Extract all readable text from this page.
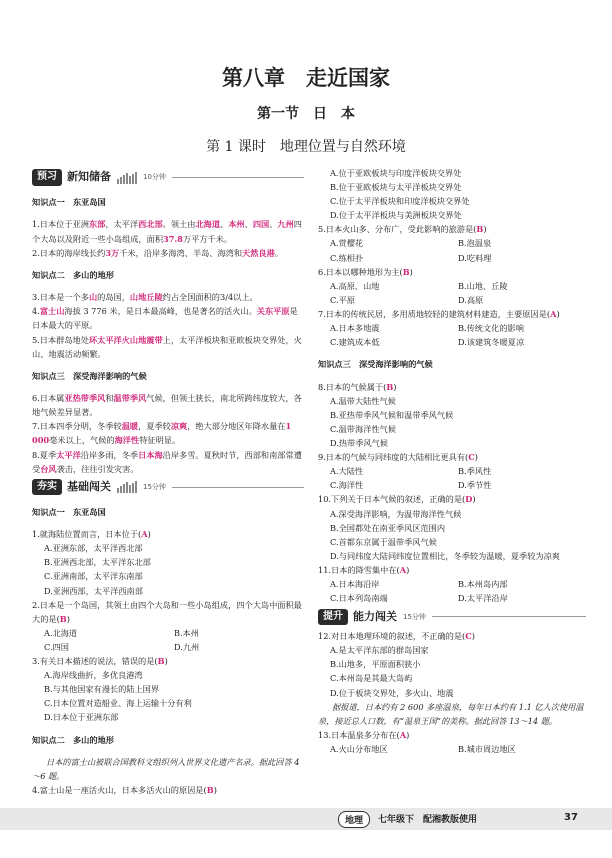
第八章　走近国家
第一节　日　本
第 1 课时　地理位置与自然环境
预习 新知储备	10分钟

知识点一　东亚岛国

1.日本位于亚洲东部，太平洋西北部。领土由北海道、本州、四国、九州四个大岛以及附近一些小岛组成，面积37.8万平方千米。

2.日本的海岸线长约3万千米，沿岸多海湾、半岛、海湾和天然良港。

知识点二　多山的地形

3.日本是一个多山的岛国，山地丘陵约占全国面积的3/4以上。

4.富士山海拔 3 776 米，是日本最高峰，也是著名的活火山。关东平原是日本最大的平原。

5.日本群岛地处环太平洋火山地震带上，太平洋板块和亚欧板块交界处，火山、地震活动频繁。

知识点三　深受海洋影响的气候

6.日本属亚热带季风和温带季风气候，但领土狭长，南北所跨纬度较大，各地气候差异显著。

7.日本四季分明，冬季较温暖，夏季较凉爽，绝大部分地区年降水量在1 000毫米以上，气候的海洋性特征明显。

8.夏季太平洋沿岸多雨，冬季日本海沿岸多雪。夏秋时节，西部和南部常遭受台风袭击，往往引发灾害。

夯实 基础闯关	15分钟

知识点一　东亚岛国

1.就海陆位置而言，日本位于(A)

A.亚洲东部，太平洋西北部

B.亚洲西北部，太平洋东北部

C.亚洲南部，太平洋东南部

D.亚洲西部，太平洋西南部

2.日本是一个岛国，其领土由四个大岛和一些小岛组成，四个大岛中面积最大的是(B)

A.北海道	B.本州
C.四国	D.九州

3.有关日本描述的说法，错误的是(B)

A.海岸线曲折，多优良港湾

B.与其他国家有漫长的陆上国界

C.日本位置对造船业、海上运输十分有利

D.日本位于亚洲东部

知识点二　多山的地形

日本的富士山被联合国教科文组织列入世界文化遗产名录。据此回答 4～6 题。

4.富士山是一座活火山，日本多活火山的原因是(B)

A.位于亚欧板块与印度洋板块交界处

B.位于亚欧板块与太平洋板块交界处

C.位于太平洋板块和印度洋板块交界处

D.位于太平洋板块与美洲板块交界处

5.日本火山多、分布广，受此影响的旅游是(B)

A.赏樱花	B.泡温泉
C.练相扑	D.吃料理

6.日本以哪种地形为主(B)

A.高原、山地	B.山地、丘陵
C.平原	D.高原

7.日本的传统民居，多用质地较轻的建筑材料建造，主要原因是(A)

A.日本多地震	B.传统文化的影响
C.建筑成本低	D.该建筑冬暖夏凉

知识点三　深受海洋影响的气候

8.日本的气候属于(B)

A.温带大陆性气候

B.亚热带季风气候和温带季风气候

C.温带海洋性气候

D.热带季风气候

9.日本的气候与同纬度的大陆相比更具有(C)

A.大陆性	B.季风性
C.海洋性	D.季节性

10.下列关于日本气候的叙述，正确的是(D)

A.深受海洋影响，为温带海洋性气候

B.全国都处在南亚季风区范围内

C.首都东京属于温带季风气候

D.与同纬度大陆同纬度位置相比，冬季较为温暖，夏季较为凉爽

11.日本的降雪集中在(A)

A.日本海沿岸	B.本州岛内部
C.日本列岛南端	D.太平洋沿岸
提升 能力闯关 15分钟

12.对日本地理环境的叙述，不正确的是(C)

A.是太平洋东部的群岛国家

B.山地多，平原面积狭小

C.本州岛是其最大岛屿

D.位于板块交界处，多火山、地震

据报道，日本约有 2 600 多座温泉，每年日本约有 1.1 亿人次使用温泉，接近总人口数，有“温泉王国”的美称。据此回答 13～14 题。

13.日本温泉多分布在(A)

A.火山分布地区	B.城市周边地区
地理	七年级下　配湘教版使用	37
